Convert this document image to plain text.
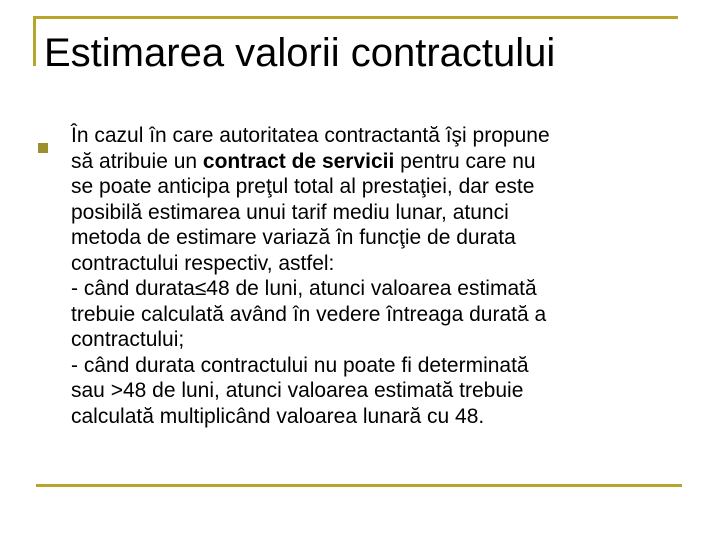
Estimarea valorii contractului

În cazul în care autoritatea contractantă îşi propune
să atribuie un contract de servicii pentru care nu
se poate anticipa preţul total al prestaţiei, dar este
posibilă estimarea unui tarif mediu lunar, atunci
metoda de estimare variază în funcţie de durata
contractului respectiv, astfel:
- când durata≤48 de luni, atunci valoarea estimată
trebuie calculată având în vedere întreaga durată a
contractului;
- când durata contractului nu poate fi determinată
sau >48 de luni, atunci valoarea estimată trebuie
calculată multiplicând valoarea lunară cu 48.
